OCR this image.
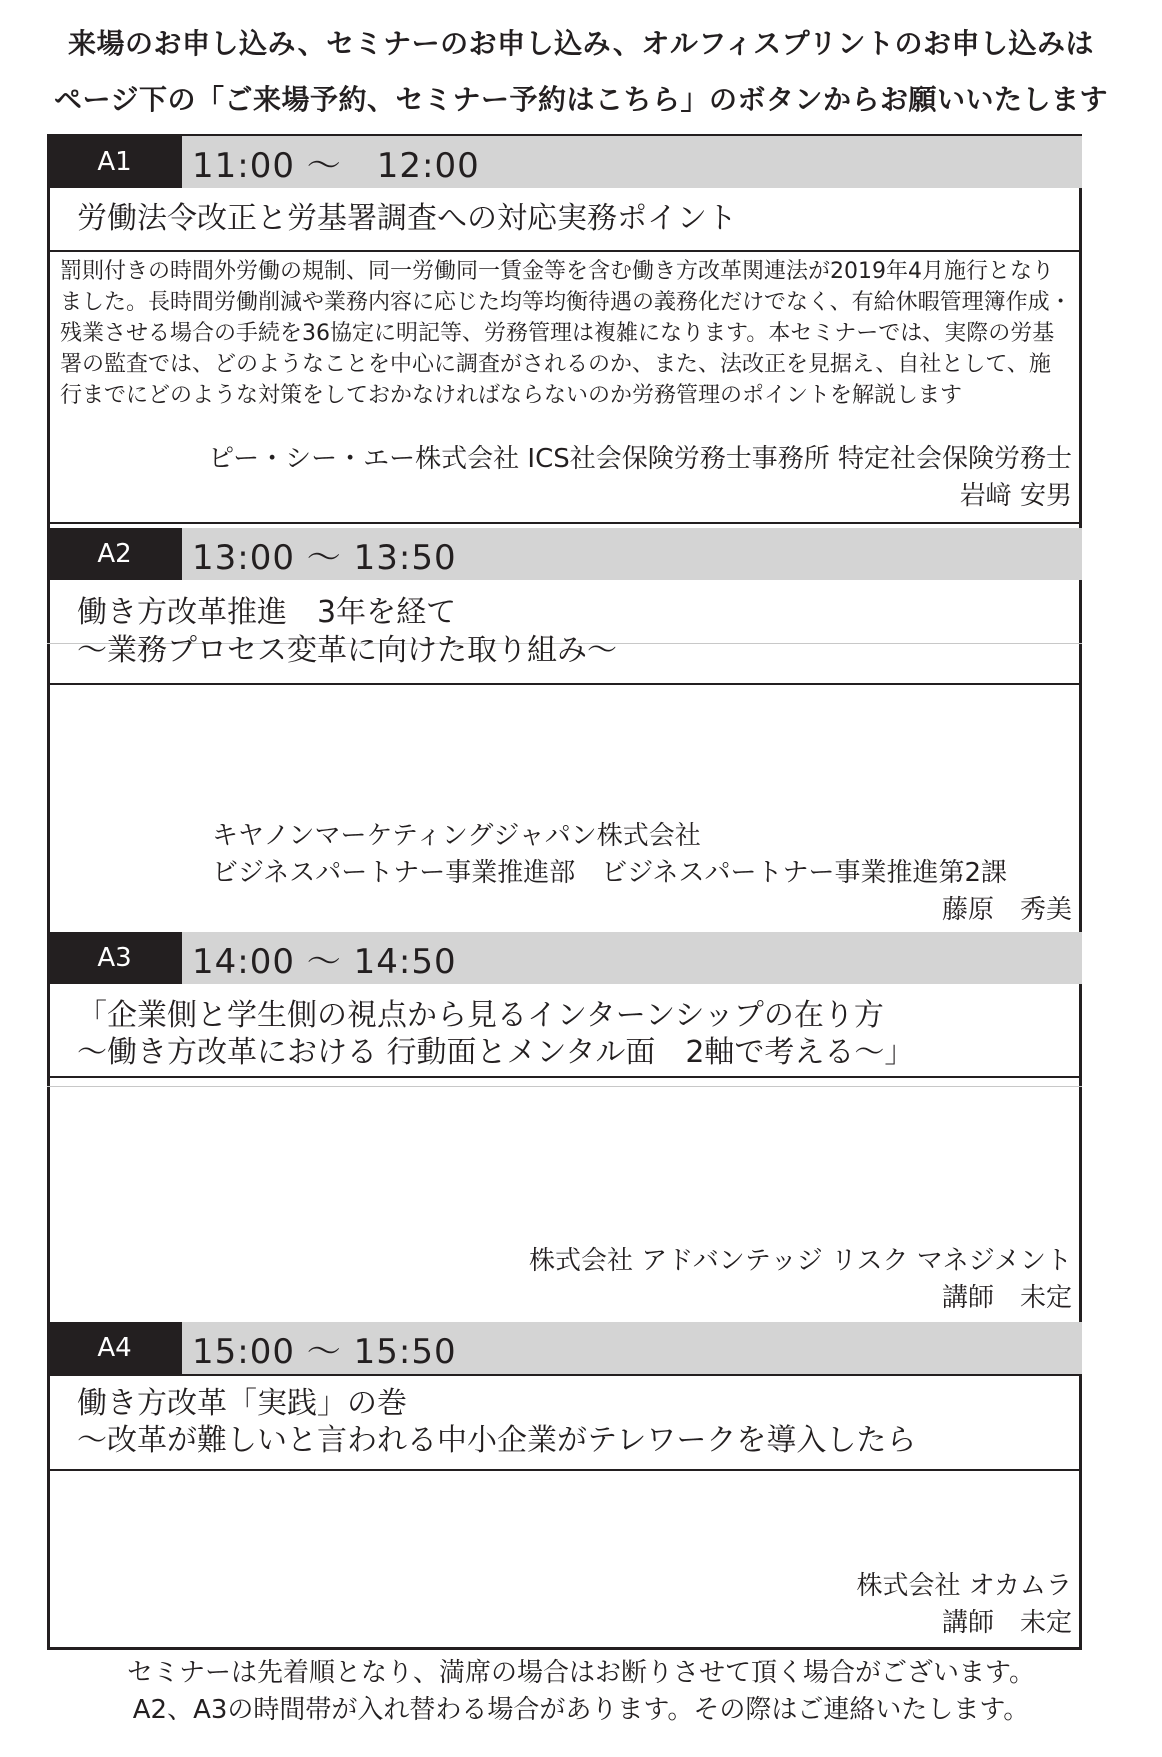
来場のお申し込み、セミナーのお申し込み、オルフィスプリントのお申し込みは
ページ下の「ご来場予約、セミナー予約はこちら」のボタンからお願いいたします
A1	11:00 〜　12:00
労働法令改正と労基署調査への対応実務ポイント
罰則付きの時間外労働の規制、同一労働同一賃金等を含む働き方改革関連法が2019年4月施行となりました。長時間労働削減や業務内容に応じた均等均衡待遇の義務化だけでなく、有給休暇管理簿作成・残業させる場合の手続を36協定に明記等、労務管理は複雑になります。本セミナーでは、実際の労基署の監査では、どのようなことを中心に調査がされるのか、また、法改正を見据え、自社として、施行までにどのような対策をしておかなければならないのか労務管理のポイントを解説します
ピー・シー・エー株式会社 ICS社会保険労務士事務所 特定社会保険労務士
岩﨑 安男
A2	13:00 〜 13:50
働き方改革推進　3年を経て
〜業務プロセス変革に向けた取り組み〜
キヤノンマーケティングジャパン株式会社
ビジネスパートナー事業推進部　ビジネスパートナー事業推進第2課
藤原　秀美
A3	14:00 〜 14:50
「企業側と学生側の視点から見るインターンシップの在り方
〜働き方改革における 行動面とメンタル面　2軸で考える〜」
株式会社 アドバンテッジ リスク マネジメント
講師　未定
A4	15:00 〜 15:50
働き方改革「実践」の巻
〜改革が難しいと言われる中小企業がテレワークを導入したら
株式会社 オカムラ
講師　未定
セミナーは先着順となり、満席の場合はお断りさせて頂く場合がございます。
A2、A3の時間帯が入れ替わる場合があります。その際はご連絡いたします。
